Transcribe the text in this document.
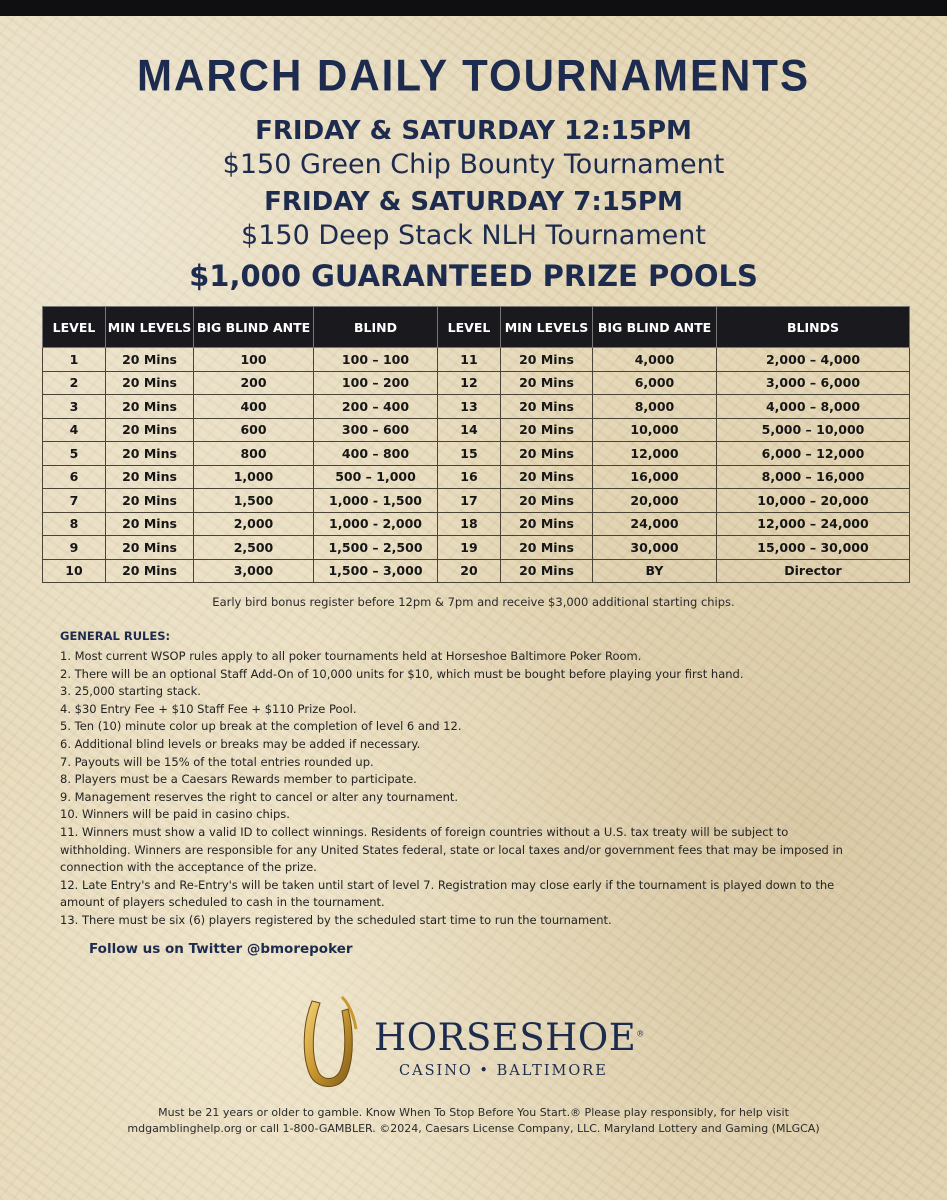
MARCH DAILY TOURNAMENTS
FRIDAY & SATURDAY 12:15PM
$150 Green Chip Bounty Tournament
FRIDAY & SATURDAY 7:15PM
$150 Deep Stack NLH Tournament
$1,000 GUARANTEED PRIZE POOLS
LEVEL	MIN LEVELS	BIG BLIND ANTE	BLIND	LEVEL	MIN LEVELS	BIG BLIND ANTE	BLINDS
1	20 Mins	100	100 – 100	11	20 Mins	4,000	2,000 – 4,000
2	20 Mins	200	100 – 200	12	20 Mins	6,000	3,000 – 6,000
3	20 Mins	400	200 – 400	13	20 Mins	8,000	4,000 – 8,000
4	20 Mins	600	300 – 600	14	20 Mins	10,000	5,000 – 10,000
5	20 Mins	800	400 – 800	15	20 Mins	12,000	6,000 – 12,000
6	20 Mins	1,000	500 – 1,000	16	20 Mins	16,000	8,000 – 16,000
7	20 Mins	1,500	1,000 - 1,500	17	20 Mins	20,000	10,000 – 20,000
8	20 Mins	2,000	1,000 - 2,000	18	20 Mins	24,000	12,000 – 24,000
9	20 Mins	2,500	1,500 – 2,500	19	20 Mins	30,000	15,000 – 30,000
10	20 Mins	3,000	1,500 – 3,000	20	20 Mins	BY	Director
Early bird bonus register before 12pm & 7pm and receive $3,000 additional starting chips.
GENERAL RULES:
1. Most current WSOP rules apply to all poker tournaments held at Horseshoe Baltimore Poker Room.
2. There will be an optional Staff Add-On of 10,000 units for $10, which must be bought before playing your first hand.
3. 25,000 starting stack.
4. $30 Entry Fee + $10 Staff Fee + $110 Prize Pool.
5. Ten (10) minute color up break at the completion of level 6 and 12.
6. Additional blind levels or breaks may be added if necessary.
7. Payouts will be 15% of the total entries rounded up.
8. Players must be a Caesars Rewards member to participate.
9. Management reserves the right to cancel or alter any tournament.
10. Winners will be paid in casino chips.
11. Winners must show a valid ID to collect winnings. Residents of foreign countries without a U.S. tax treaty will be subject to withholding. Winners are responsible for any United States federal, state or local taxes and/or government fees that may be imposed in connection with the acceptance of the prize.
12. Late Entry's and Re-Entry's will be taken until start of level 7. Registration may close early if the tournament is played down to the amount of players scheduled to cash in the tournament.
13. There must be six (6) players registered by the scheduled start time to run the tournament.
Follow us on Twitter @bmorepoker
HORSESHOE®
CASINO • BALTIMORE
Must be 21 years or older to gamble. Know When To Stop Before You Start.® Please play responsibly, for help visit
mdgamblinghelp.org or call 1-800-GAMBLER. ©2024, Caesars License Company, LLC. Maryland Lottery and Gaming (MLGCA)
